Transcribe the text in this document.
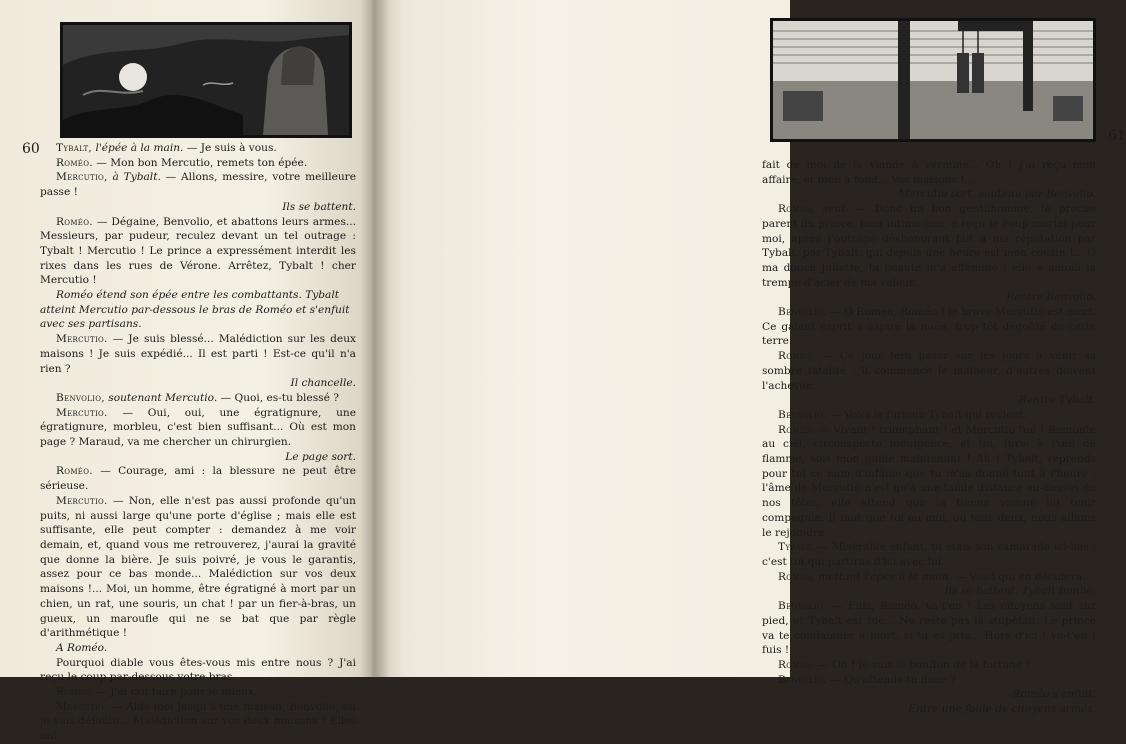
60	Tybalt, l'épée à la main. — Je suis à vous.

Roméo. — Mon bon Mercutio, remets ton épée.

Mercutio, à Tybalt. — Allons, messire, votre meilleure passe !

Ils se battent.

Roméo. — Dégaine, Benvolio, et abattons leurs armes... Messieurs, par pudeur, reculez devant un tel outrage : Tybalt ! Mercutio ! Le prince a expressément interdit les rixes dans les rues de Vérone. Arrêtez, Tybalt ! cher Mercutio !

Roméo étend son épée entre les combattants. Tybalt atteint Mercutio par-dessous le bras de Roméo et s'enfuit avec ses partisans.

Mercutio. — Je suis blessé... Malédiction sur les deux maisons ! Je suis expédié... Il est parti ! Est-ce qu'il n'a rien ?

Il chancelle.

Benvolio, soutenant Mercutio. — Quoi, es-tu blessé ?

Mercutio. — Oui, oui, une égratignure, une égratignure, morbleu, c'est bien suffisant... Où est mon page ? Maraud, va me chercher un chirurgien.

Le page sort.

Roméo. — Courage, ami : la blessure ne peut être sérieuse.

Mercutio. — Non, elle n'est pas aussi profonde qu'un puits, ni aussi large qu'une porte d'église ; mais elle est suffisante, elle peut compter : demandez à me voir demain, et, quand vous me retrouverez, j'aurai la gravité que donne la bière. Je suis poivré, je vous le garantis, assez pour ce bas monde... Malédiction sur vos deux maisons !... Moi, un homme, être égratigné à mort par un chien, un rat, une souris, un chat ! par un fier-à-bras, un gueux, un maroufle qui ne se bat que par règle d'arithmétique !

A Roméo.

Pourquoi diable vous êtes-vous mis entre nous ? J'ai reçu le coup par-dessous votre bras.

Roméo. — J'ai cru faire pour le mieux.

Mercutio. — Aide-moi jusqu'à une maison, Benvolio, ou je vais défaillir... Malédiction sur vos deux maisons ! Elles ont

61

fait de moi de la viande à vermine... Oh ! j'ai reçu mon affaire, et bien à fond... Vos maisons !...

Mercutio sort, soutenu par Benvolio.

Roméo, seul. — Donc un bon gentilhomme, le proche parent du prince, mon intime ami, a reçu le coup mortel pour moi, après l'outrage déshonorant fait à ma réputation par Tybalt, par Tybalt, qui depuis une heure est mon cousin !... O ma douce Juliette, ta beauté m'a efféminé ; elle a amolli la trempe d'acier de ma valeur.

Rentre Benvolio.

Benvolio. — O Roméo, Roméo ! le brave Mercutio est mort. Ce galant esprit a aspiré la nuée, trop tôt dégoûté de cette terre.

Roméo. — Ce jour fera peser sur les jours à venir sa sombre fatalité : il commence le malheur, d'autres doivent l'achever.

Rentre Tybalt.

Benvolio. — Voici le furieux Tybalt qui revient.

Roméo. — Vivant ! triomphant ! et Mercutio tué ! Remonte au ciel, circonspecte indulgence, et toi, furie à l'œil de flamme, sois mon guide maintenant ! Ah ! Tybalt, reprends pour toi ce nom d'infâme que tu m'as donné tout à l'heure : l'âme de Mercutio n'est qu'à une faible distance au-dessus de nos têtes, elle attend que la tienne vienne lui tenir compagnie. Il faut que toi ou moi, ou tous deux, nous allions le rejoindre.

Tybalt. — Misérable enfant, tu étais son camarade ici-bas : c'est toi qui partiras d'ici avec lui.

Roméo, mettant l'épée à la main. — Voici qui en décidera.

Ils se battent. Tybalt tombe.

Benvolio. — Fuis, Roméo, va-t'en ! Les citoyens sont sur pied, et Tybalt est tué... Ne reste pas là stupéfait. Le prince va te condamner à mort, si tu es pris... Hors d'ici ! va-t'en ! fuis !

Roméo. — Oh ! je suis le bouffon de la fortune !

Benvolio. — Qu'attends-tu donc ?

Roméo s'enfuit.

Entre une foule de citoyens armés.
